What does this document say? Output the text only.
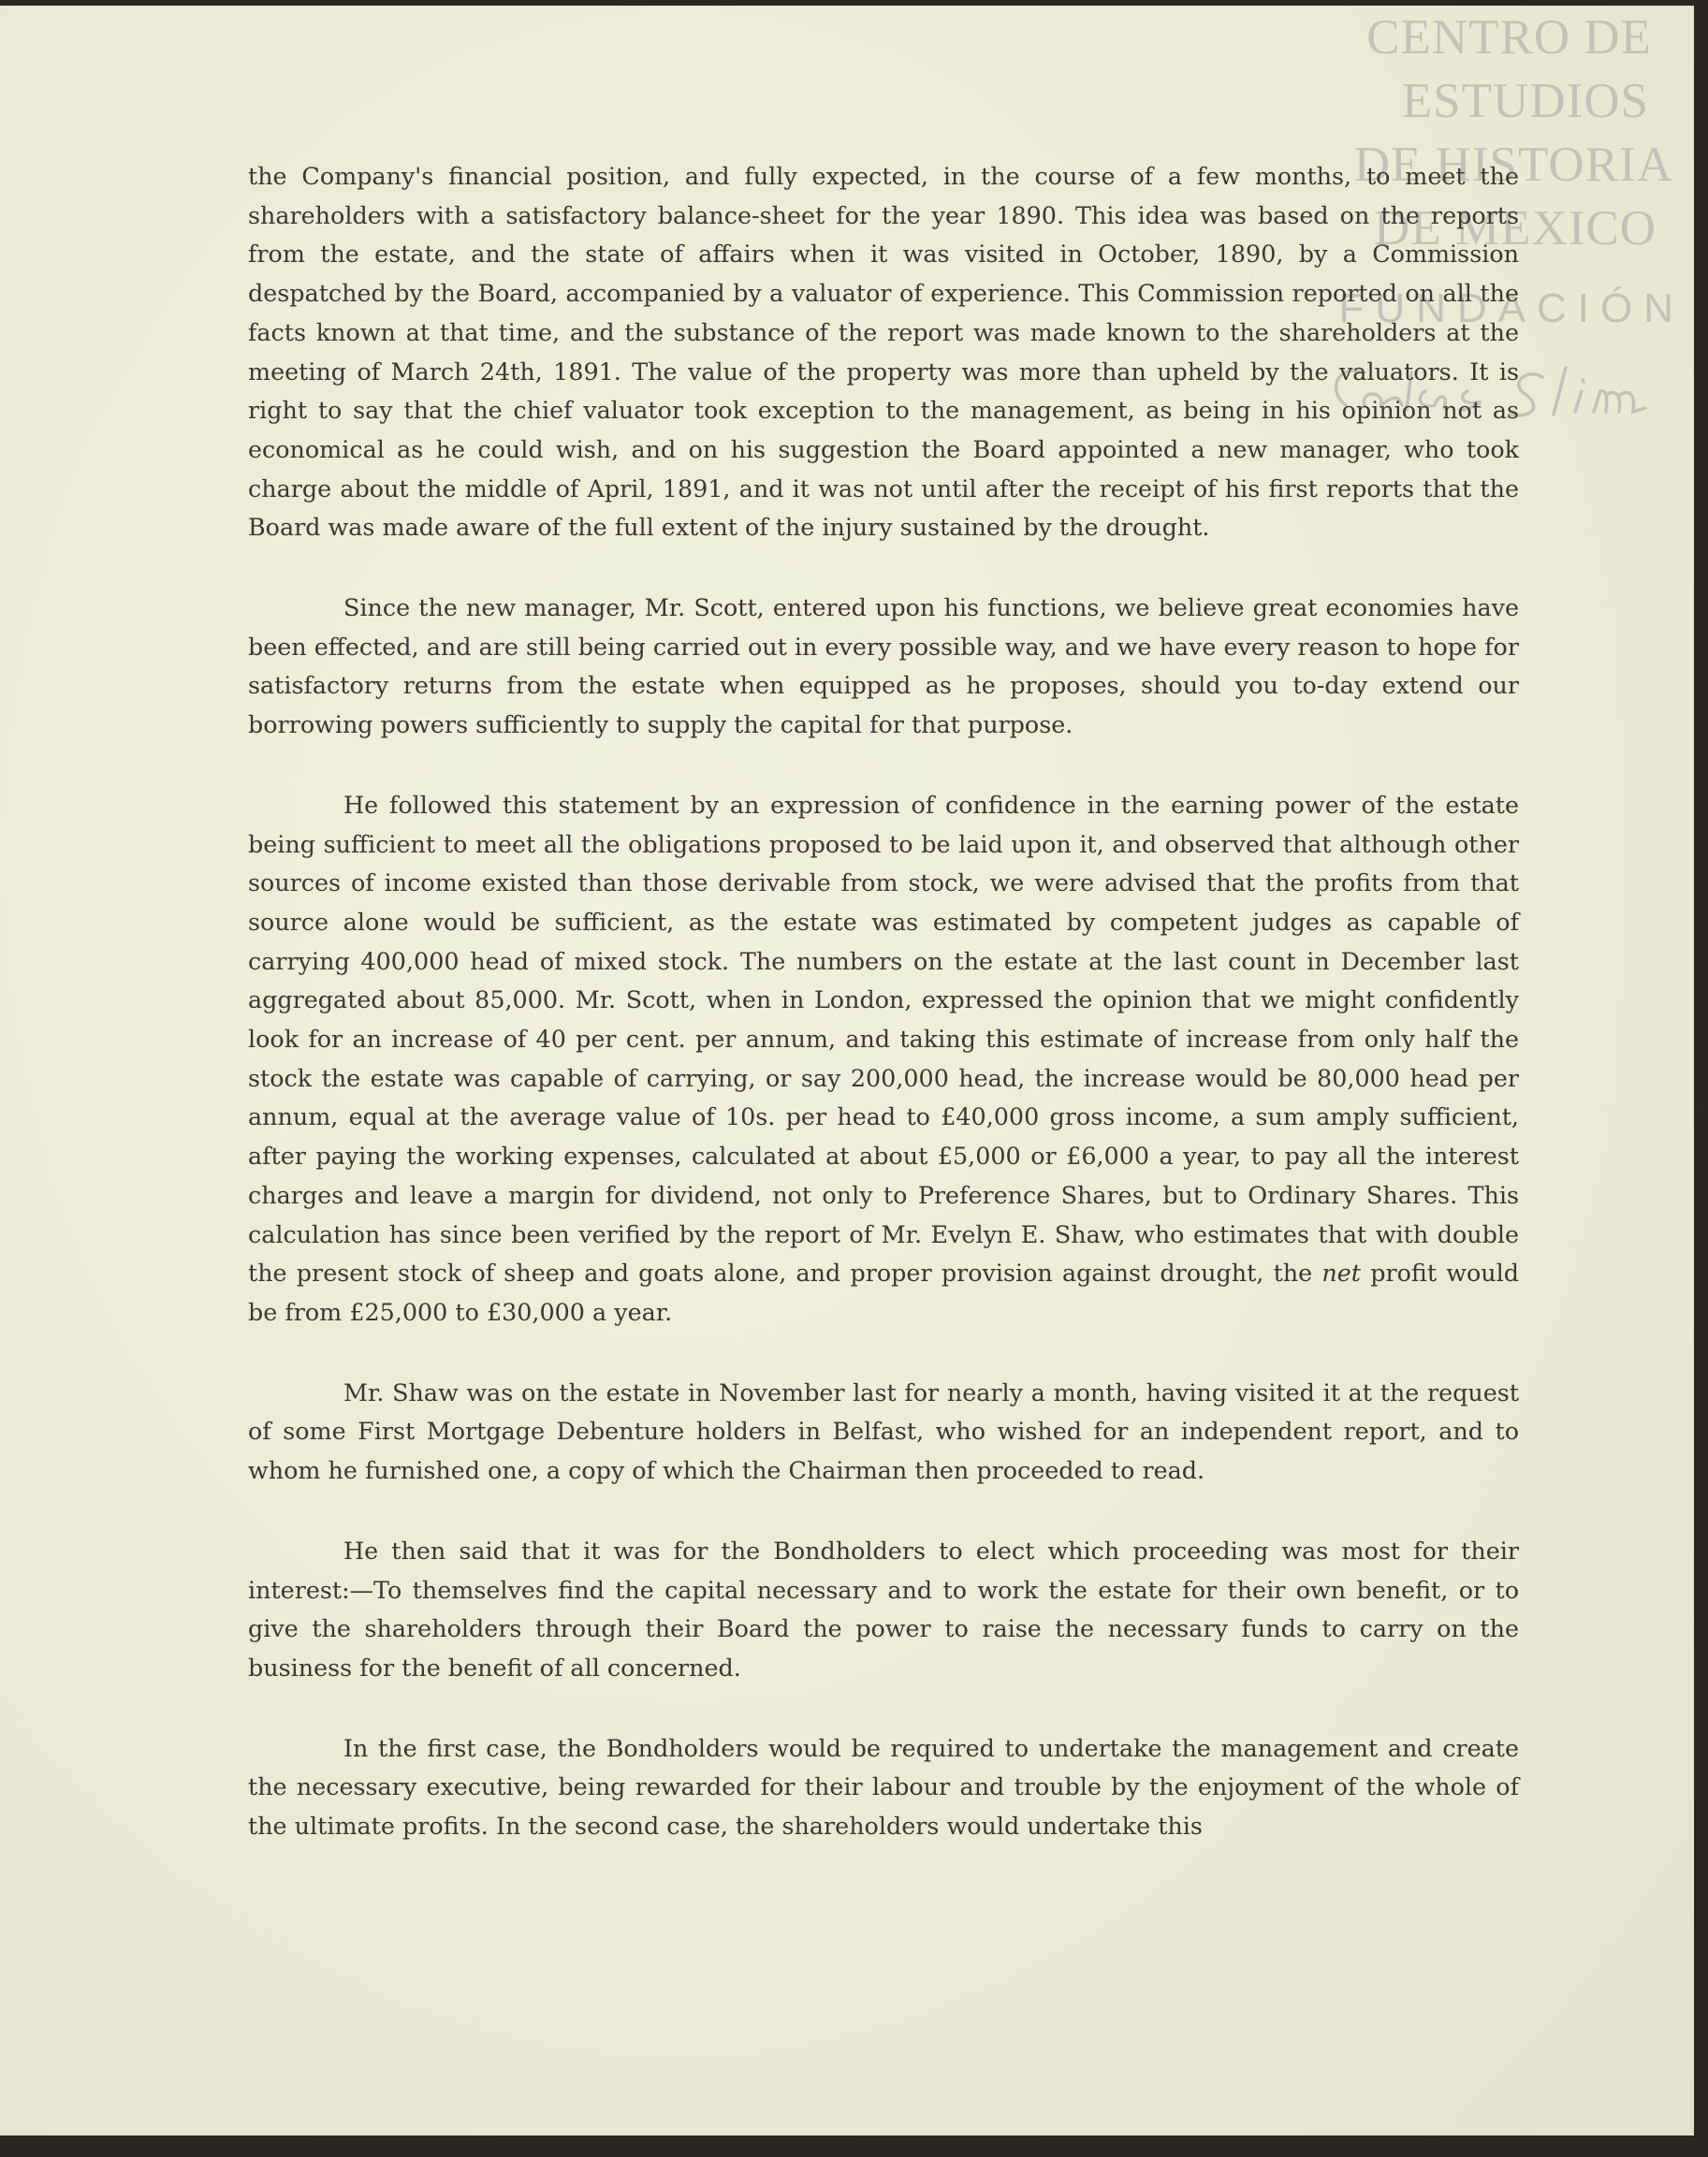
CENTRO DE
ESTUDIOS
DE HISTORIA
DE MEXICO
FUNDACIÓN

the Company's financial position, and fully expected, in the course of a few months, to meet the shareholders with a satisfactory balance-sheet for the year 1890. This idea was based on the reports from the estate, and the state of affairs when it was visited in October, 1890, by a Commission despatched by the Board, accompanied by a valuator of experience. This Commission reported on all the facts known at that time, and the substance of the report was made known to the shareholders at the meeting of March 24th, 1891. The value of the property was more than upheld by the valuators. It is right to say that the chief valuator took exception to the management, as being in his opinion not as economical as he could wish, and on his suggestion the Board appointed a new manager, who took charge about the middle of April, 1891, and it was not until after the receipt of his first reports that the Board was made aware of the full extent of the injury sustained by the drought.

Since the new manager, Mr. Scott, entered upon his functions, we believe great economies have been effected, and are still being carried out in every possible way, and we have every reason to hope for satisfactory returns from the estate when equipped as he proposes, should you to-day extend our borrowing powers sufficiently to supply the capital for that purpose.

He followed this statement by an expression of confidence in the earning power of the estate being sufficient to meet all the obligations proposed to be laid upon it, and observed that although other sources of income existed than those derivable from stock, we were advised that the profits from that source alone would be sufficient, as the estate was estimated by competent judges as capable of carrying 400,000 head of mixed stock. The numbers on the estate at the last count in December last aggregated about 85,000. Mr. Scott, when in London, expressed the opinion that we might confidently look for an increase of 40 per cent. per annum, and taking this estimate of increase from only half the stock the estate was capable of carrying, or say 200,000 head, the increase would be 80,000 head per annum, equal at the average value of 10s. per head to £40,000 gross income, a sum amply sufficient, after paying the working expenses, calculated at about £5,000 or £6,000 a year, to pay all the interest charges and leave a margin for dividend, not only to Preference Shares, but to Ordinary Shares. This calculation has since been verified by the report of Mr. Evelyn E. Shaw, who estimates that with double the present stock of sheep and goats alone, and proper provision against drought, the net profit would be from £25,000 to £30,000 a year.

Mr. Shaw was on the estate in November last for nearly a month, having visited it at the request of some First Mortgage Debenture holders in Belfast, who wished for an independent report, and to whom he furnished one, a copy of which the Chairman then proceeded to read.

He then said that it was for the Bondholders to elect which proceeding was most for their interest:—To themselves find the capital necessary and to work the estate for their own benefit, or to give the shareholders through their Board the power to raise the necessary funds to carry on the business for the benefit of all concerned.

In the first case, the Bondholders would be required to undertake the management and create the necessary executive, being rewarded for their labour and trouble by the enjoyment of the whole of the ultimate profits. In the second case, the shareholders would undertake this
